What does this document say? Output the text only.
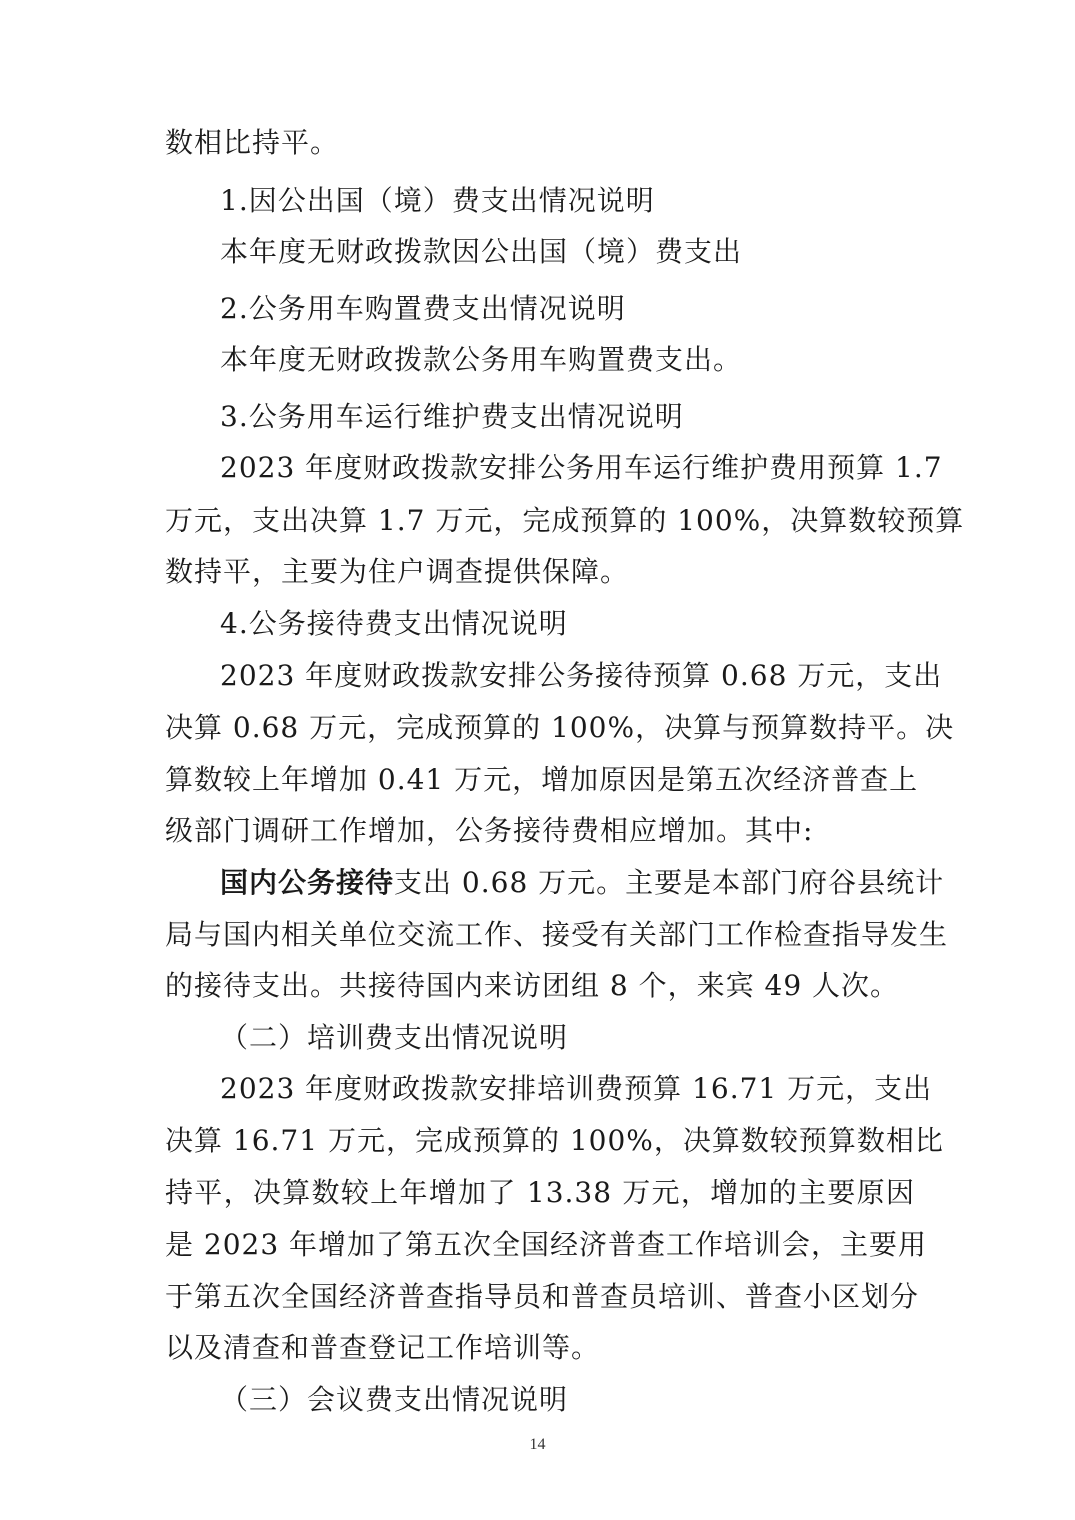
数相比持平。
1.因公出国（境）费支出情况说明
本年度无财政拨款因公出国（境）费支出
2.公务用车购置费支出情况说明
本年度无财政拨款公务用车购置费支出。
3.公务用车运行维护费支出情况说明
2023 年度财政拨款安排公务用车运行维护费用预算 1.7
万元，支出决算 1.7 万元，完成预算的 100%，决算数较预算
数持平，主要为住户调查提供保障。
4.公务接待费支出情况说明
2023 年度财政拨款安排公务接待预算 0.68 万元，支出
决算 0.68 万元，完成预算的 100%，决算与预算数持平。决
算数较上年增加 0.41 万元，增加原因是第五次经济普查上
级部门调研工作增加，公务接待费相应增加。其中:
国内公务接待支出 0.68 万元。主要是本部门府谷县统计
局与国内相关单位交流工作、接受有关部门工作检查指导发生
的接待支出。共接待国内来访团组 8 个，来宾 49 人次。
（二）培训费支出情况说明
2023 年度财政拨款安排培训费预算 16.71 万元，支出
决算 16.71 万元，完成预算的 100%，决算数较预算数相比
持平，决算数较上年增加了 13.38 万元，增加的主要原因
是 2023 年增加了第五次全国经济普查工作培训会，主要用
于第五次全国经济普查指导员和普查员培训、普查小区划分
以及清查和普查登记工作培训等。
（三）会议费支出情况说明
14
